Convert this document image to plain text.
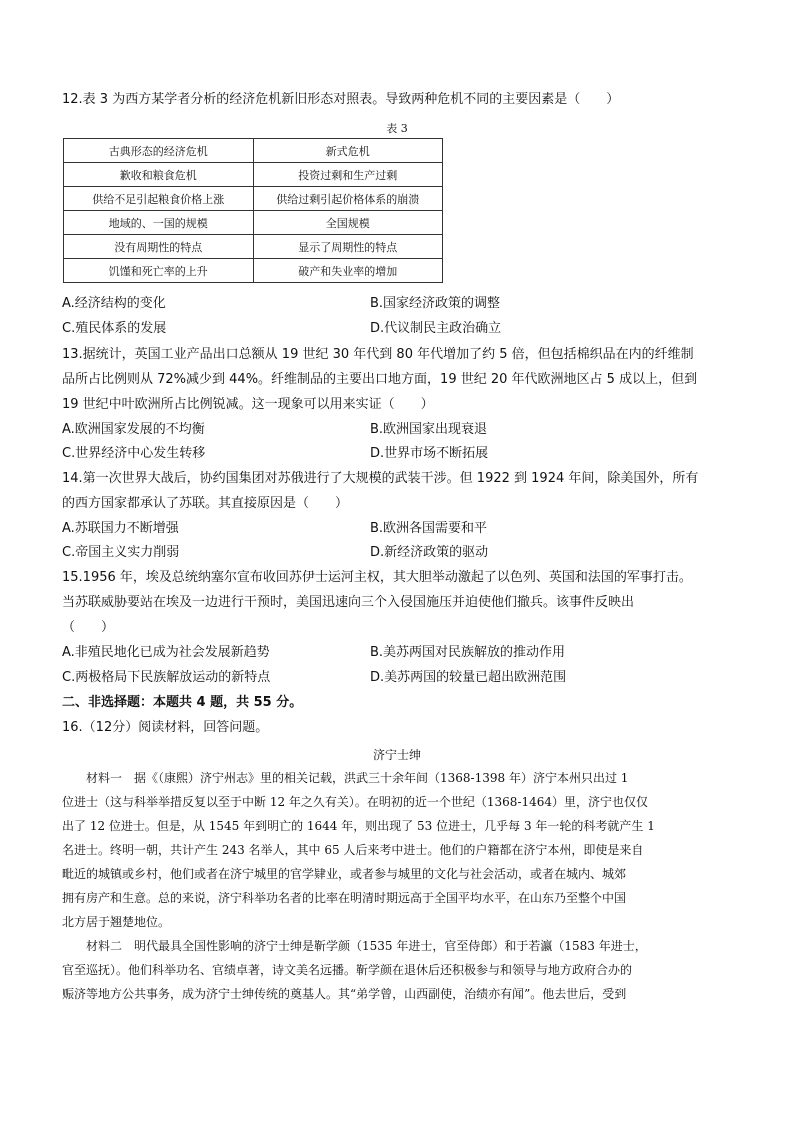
12.表 3 为西方某学者分析的经济危机新旧形态对照表。导致两种危机不同的主要因素是（　　）
表 3
古典形态的经济危机	新式危机
歉收和粮食危机	投资过剩和生产过剩
供给不足引起粮食价格上涨	供给过剩引起价格体系的崩溃
地域的、一国的规模	全国规模
没有周期性的特点	显示了周期性的特点
饥馑和死亡率的上升	破产和失业率的增加
A.经济结构的变化	B.国家经济政策的调整
C.殖民体系的发展	D.代议制民主政治确立
13.据统计，英国工业产品出口总额从 19 世纪 30 年代到 80 年代增加了约 5 倍，但包括棉织品在内的纤维制
品所占比例则从 72%减少到 44%。纤维制品的主要出口地方面，19 世纪 20 年代欧洲地区占 5 成以上，但到
19 世纪中叶欧洲所占比例锐减。这一现象可以用来实证（　　）
A.欧洲国家发展的不均衡	B.欧洲国家出现衰退
C.世界经济中心发生转移	D.世界市场不断拓展
14.第一次世界大战后，协约国集团对苏俄进行了大规模的武装干涉。但 1922 到 1924 年间，除美国外，所有
的西方国家都承认了苏联。其直接原因是（　　）
A.苏联国力不断增强	B.欧洲各国需要和平
C.帝国主义实力削弱	D.新经济政策的驱动
15.1956 年，埃及总统纳塞尔宣布收回苏伊士运河主权，其大胆举动激起了以色列、英国和法国的军事打击。
当苏联威胁要站在埃及一边进行干预时，美国迅速向三个入侵国施压并迫使他们撤兵。该事件反映出
（　　）
A.非殖民地化已成为社会发展新趋势	B.美苏两国对民族解放的推动作用
C.两极格局下民族解放运动的新特点	D.美苏两国的较量已超出欧洲范围
二、非选择题：本题共 4 题，共 55 分。
16.（12分）阅读材料，回答问题。
济宁士绅
　　材料一　据《（康熙）济宁州志》里的相关记载，洪武三十余年间（1368-1398 年）济宁本州只出过 1
位进士（这与科举举措反复以至于中断 12 年之久有关）。在明初的近一个世纪（1368-1464）里，济宁也仅仅
出了 12 位进士。但是，从 1545 年到明亡的 1644 年，则出现了 53 位进士，几乎每 3 年一轮的科考就产生 1
名进士。终明一朝，共计产生 243 名举人，其中 65 人后来考中进士。他们的户籍都在济宁本州，即使是来自
毗近的城镇或乡村，他们或者在济宁城里的官学肄业，或者参与城里的文化与社会活动，或者在城内、城郊
拥有房产和生意。总的来说，济宁科举功名者的比率在明清时期远高于全国平均水平，在山东乃至整个中国
北方居于翘楚地位。
　　材料二　明代最具全国性影响的济宁士绅是靳学颜（1535 年进士，官至侍郎）和于若瀛（1583 年进士，
官至巡抚）。他们科举功名、官绩卓著，诗文美名远播。靳学颜在退休后还积极参与和领导与地方政府合办的
赈济等地方公共事务，成为济宁士绅传统的奠基人。其“弟学曾，山西副使，治绩亦有闻”。他去世后，受到
